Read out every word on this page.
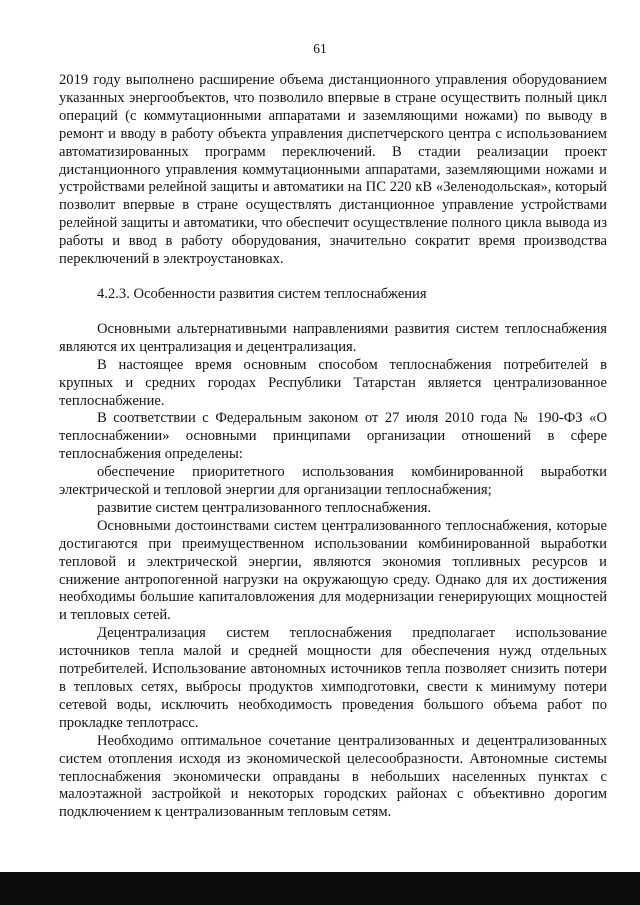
61

2019 году выполнено расширение объема дистанционного управления оборудованием указанных энергообъектов, что позволило впервые в стране осуществить полный цикл операций (с коммутационными аппаратами и заземляющими ножами) по выводу в ремонт и вводу в работу объекта управления диспетчерского центра с использованием автоматизированных программ переключений. В стадии реализации проект дистанционного управления коммутационными аппаратами, заземляющими ножами и устройствами релейной защиты и автоматики на ПС 220 кВ «Зеленодольская», который позволит впервые в стране осуществлять дистанционное управление устройствами релейной защиты и автоматики, что обеспечит осуществление полного цикла вывода из работы и ввод в работу оборудования, значительно сократит время производства переключений в электроустановках.

4.2.3. Особенности развития систем теплоснабжения

Основными альтернативными направлениями развития систем теплоснабжения являются их централизация и децентрализация.

В настоящее время основным способом теплоснабжения потребителей в крупных и средних городах Республики Татарстан является централизованное теплоснабжение.

В соответствии с Федеральным законом от 27 июля 2010 года № 190-ФЗ «О теплоснабжении» основными принципами организации отношений в сфере теплоснабжения определены:

обеспечение приоритетного использования комбинированной выработки электрической и тепловой энергии для организации теплоснабжения;

развитие систем централизованного теплоснабжения.

Основными достоинствами систем централизованного теплоснабжения, которые достигаются при преимущественном использовании комбинированной выработки тепловой и электрической энергии, являются экономия топливных ресурсов и снижение антропогенной нагрузки на окружающую среду. Однако для их достижения необходимы большие капиталовложения для модернизации генерирующих мощностей и тепловых сетей.

Децентрализация систем теплоснабжения предполагает использование источников тепла малой и средней мощности для обеспечения нужд отдельных потребителей. Использование автономных источников тепла позволяет снизить потери в тепловых сетях, выбросы продуктов химподготовки, свести к минимуму потери сетевой воды, исключить необходимость проведения большого объема работ по прокладке теплотрасс.

Необходимо оптимальное сочетание централизованных и децентрализованных систем отопления исходя из экономической целесообразности. Автономные системы теплоснабжения экономически оправданы в небольших населенных пунктах с малоэтажной застройкой и некоторых городских районах с объективно дорогим подключением к централизованным тепловым сетям.
